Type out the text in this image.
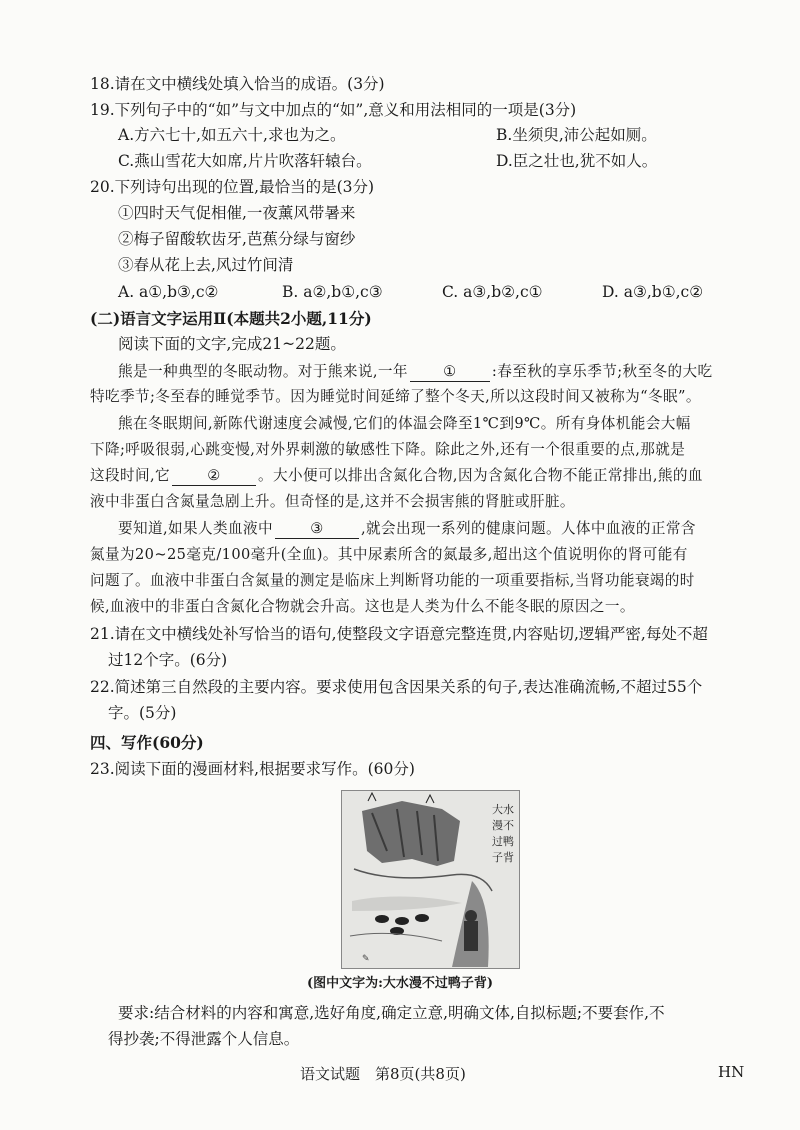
18.请在文中横线处填入恰当的成语。(3分)
19.下列句子中的“如”与文中加点的“如”,意义和用法相同的一项是(3分)
A.方六七十,如五六十,求也为之。	B.坐须臾,沛公起如厕。
C.燕山雪花大如席,片片吹落轩辕台。	D.臣之壮也,犹不如人。
20.下列诗句出现的位置,最恰当的是(3分)
①四时天气促相催,一夜薰风带暑来
②梅子留酸软齿牙,芭蕉分绿与窗纱
③春从花上去,风过竹间清
A. a①,b③,c②	B. a②,b①,c③	C. a③,b②,c①	D. a③,b①,c②
(二)语言文字运用Ⅱ(本题共2小题,11分)
阅读下面的文字,完成21~22题。
熊是一种典型的冬眠动物。对于熊来说,一年 ① :春至秋的享乐季节;秋至冬的大吃
特吃季节;冬至春的睡觉季节。因为睡觉时间延缔了整个冬天,所以这段时间又被称为“冬眠”。
熊在冬眠期间,新陈代谢速度会减慢,它们的体温会降至1℃到9℃。所有身体机能会大幅
下降;呼吸很弱,心跳变慢,对外界刺激的敏感性下降。除此之外,还有一个很重要的点,那就是
这段时间,它	②	。大小便可以排出含氮化合物,因为含氮化合物不能正常排出,熊的血
液中非蛋白含氮量急剧上升。但奇怪的是,这并不会损害熊的肾脏或肝脏。
要知道,如果人类血液中	③	,就会出现一系列的健康问题。人体中血液的正常含
氮量为20~25毫克/100毫升(全血)。其中尿素所含的氮最多,超出这个值说明你的肾可能有
问题了。血液中非蛋白含氮量的测定是临床上判断肾功能的一项重要指标,当肾功能衰竭的时
候,血液中的非蛋白含氮化合物就会升高。这也是人类为什么不能冬眠的原因之一。
21.请在文中横线处补写恰当的语句,使整段文字语意完整连贯,内容贴切,逻辑严密,每处不超
过12个字。(6分)
22.简述第三自然段的主要内容。要求使用包含因果关系的句子,表达准确流畅,不超过55个
字。(5分)
四、写作(60分)
23.阅读下面的漫画材料,根据要求写作。(60分)
大水
漫不
过鸭
子背
✎
(图中文字为:大水漫不过鸭子背)
要求:结合材料的内容和寓意,选好角度,确定立意,明确文体,自拟标题;不要套作,不
得抄袭;不得泄露个人信息。
语文试题　第8页(共8页)	HN
